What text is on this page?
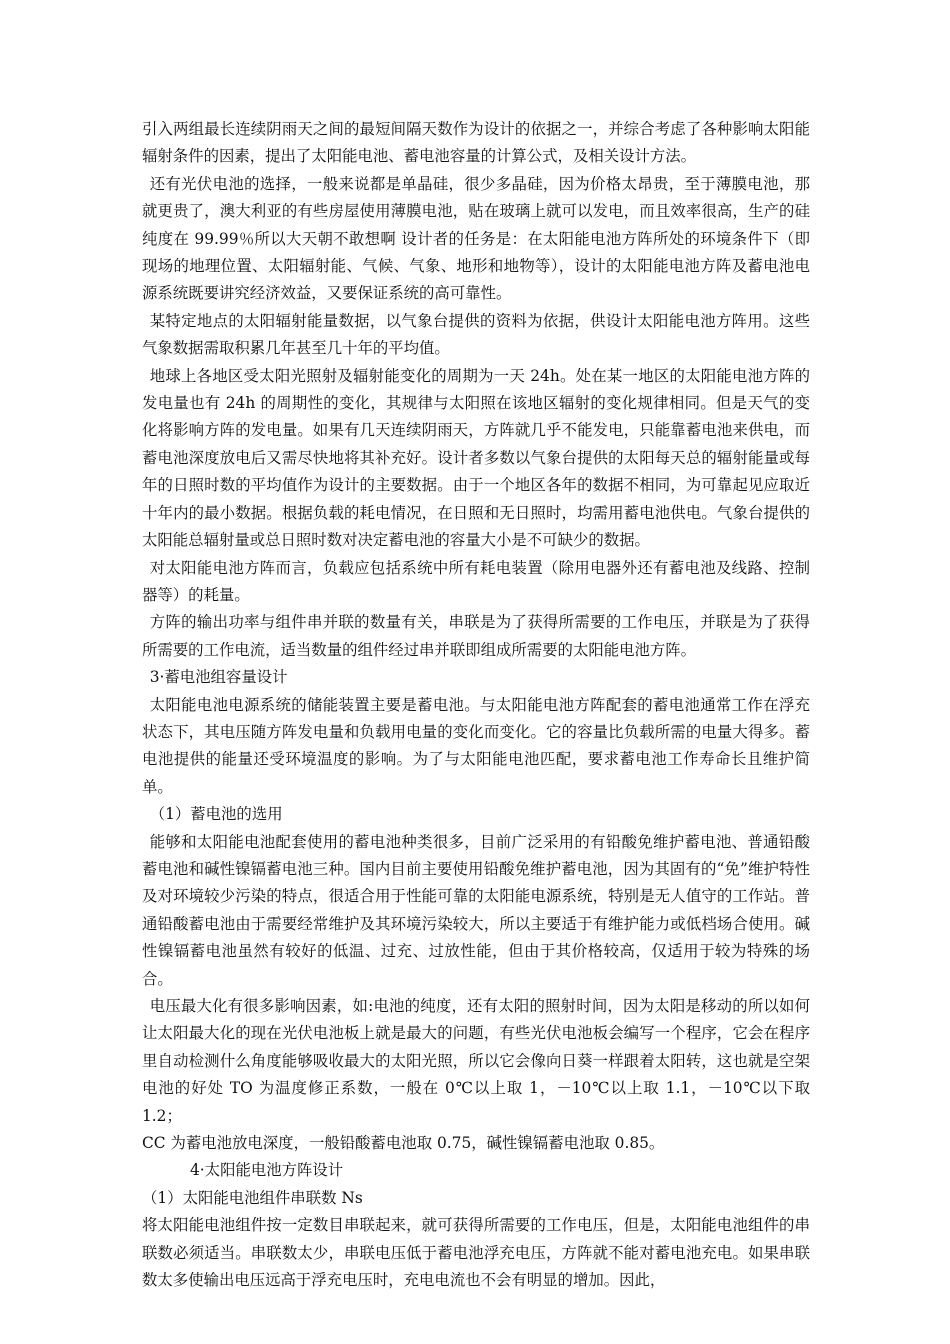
引入两组最长连续阴雨天之间的最短间隔天数作为设计的依据之一，并综合考虑了各种影响太阳能辐射条件的因素，提出了太阳能电池、蓄电池容量的计算公式，及相关设计方法。

还有光伏电池的选择，一般来说都是单晶硅，很少多晶硅，因为价格太昂贵，至于薄膜电池，那就更贵了，澳大利亚的有些房屋使用薄膜电池，贴在玻璃上就可以发电，而且效率很高，生产的硅纯度在 99.99％所以大天朝不敢想啊 设计者的任务是：在太阳能电池方阵所处的环境条件下（即现场的地理位置、太阳辐射能、气候、气象、地形和地物等），设计的太阳能电池方阵及蓄电池电源系统既要讲究经济效益，又要保证系统的高可靠性。

某特定地点的太阳辐射能量数据，以气象台提供的资料为依据，供设计太阳能电池方阵用。这些气象数据需取积累几年甚至几十年的平均值。

地球上各地区受太阳光照射及辐射能变化的周期为一天 24h。处在某一地区的太阳能电池方阵的发电量也有 24h 的周期性的变化，其规律与太阳照在该地区辐射的变化规律相同。但是天气的变化将影响方阵的发电量。如果有几天连续阴雨天，方阵就几乎不能发电，只能靠蓄电池来供电，而蓄电池深度放电后又需尽快地将其补充好。设计者多数以气象台提供的太阳每天总的辐射能量或每年的日照时数的平均值作为设计的主要数据。由于一个地区各年的数据不相同，为可靠起见应取近十年内的最小数据。根据负载的耗电情况，在日照和无日照时，均需用蓄电池供电。气象台提供的太阳能总辐射量或总日照时数对决定蓄电池的容量大小是不可缺少的数据。

对太阳能电池方阵而言，负载应包括系统中所有耗电装置（除用电器外还有蓄电池及线路、控制器等）的耗量。

方阵的输出功率与组件串并联的数量有关，串联是为了获得所需要的工作电压，并联是为了获得所需要的工作电流，适当数量的组件经过串并联即组成所需要的太阳能电池方阵。

3·蓄电池组容量设计

太阳能电池电源系统的储能装置主要是蓄电池。与太阳能电池方阵配套的蓄电池通常工作在浮充状态下，其电压随方阵发电量和负载用电量的变化而变化。它的容量比负载所需的电量大得多。蓄电池提供的能量还受环境温度的影响。为了与太阳能电池匹配，要求蓄电池工作寿命长且维护简单。

（1）蓄电池的选用

能够和太阳能电池配套使用的蓄电池种类很多，目前广泛采用的有铅酸免维护蓄电池、普通铅酸蓄电池和碱性镍镉蓄电池三种。国内目前主要使用铅酸免维护蓄电池，因为其固有的“免”维护特性及对环境较少污染的特点，很适合用于性能可靠的太阳能电源系统，特别是无人值守的工作站。普通铅酸蓄电池由于需要经常维护及其环境污染较大，所以主要适于有维护能力或低档场合使用。碱性镍镉蓄电池虽然有较好的低温、过充、过放性能，但由于其价格较高，仅适用于较为特殊的场合。

电压最大化有很多影响因素，如:电池的纯度，还有太阳的照射时间，因为太阳是移动的所以如何让太阳最大化的现在光伏电池板上就是最大的问题，有些光伏电池板会编写一个程序，它会在程序里自动检测什么角度能够吸收最大的太阳光照，所以它会像向日葵一样跟着太阳转，这也就是空架电池的好处 TO 为温度修正系数，一般在 0℃以上取 1，－10℃以上取 1.1，－10℃以下取 1.2；

CC 为蓄电池放电深度，一般铅酸蓄电池取 0.75，碱性镍镉蓄电池取 0.85。

4·太阳能电池方阵设计

（1）太阳能电池组件串联数 Ns

将太阳能电池组件按一定数目串联起来，就可获得所需要的工作电压，但是，太阳能电池组件的串联数必须适当。串联数太少，串联电压低于蓄电池浮充电压，方阵就不能对蓄电池充电。如果串联数太多使输出电压远高于浮充电压时，充电电流也不会有明显的增加。因此，
